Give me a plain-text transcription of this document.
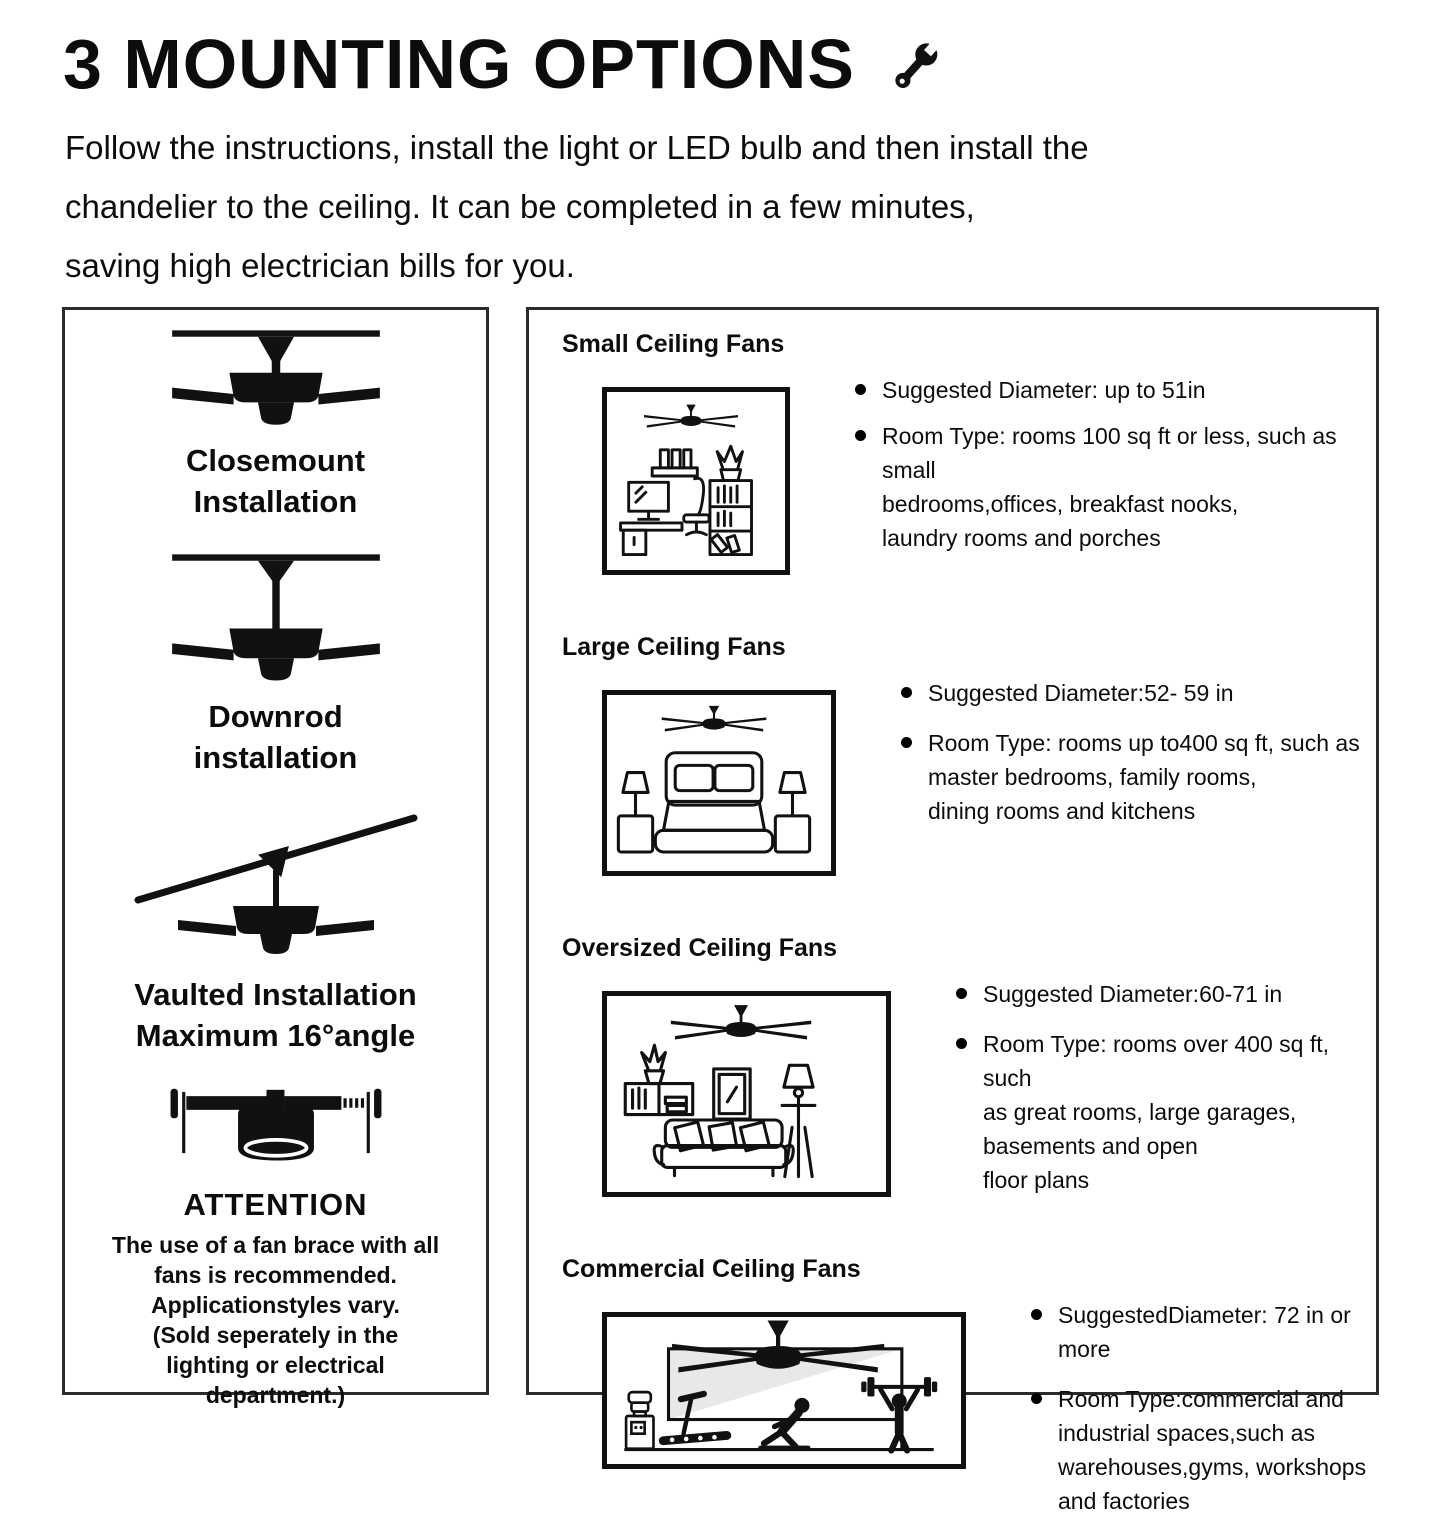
3 MOUNTING OPTIONS

Follow the instructions, install the light or LED bulb and then install the
chandelier to the ceiling. It can be completed in a few minutes,
saving high electrician bills for you.

Closemount
Installation
Downrod
installation
Vaulted Installation
Maximum 16°angle
ATTENTION
The use of a fan brace with all
fans is recommended.
Applicationstyles vary.
(Sold seperately in the
lighting or electrical
department.)
Small Ceiling Fans
Suggested Diameter: up to 51in
Room Type: rooms 100 sq ft or less, such as small
bedrooms,offices, breakfast nooks,
laundry rooms and porches
Large Ceiling Fans
Suggested Diameter:52- 59 in
Room Type: rooms up to400 sq ft, such as
master bedrooms, family rooms,
dining rooms and kitchens
Oversized Ceiling Fans
Suggested Diameter:60-71 in
Room Type: rooms over 400 sq ft, such
as great rooms, large garages,
basements and open
floor plans
Commercial Ceiling Fans
SuggestedDiameter: 72 in or more
Room Type:commercial and
industrial spaces,such as
warehouses,gyms, workshops
and factories
